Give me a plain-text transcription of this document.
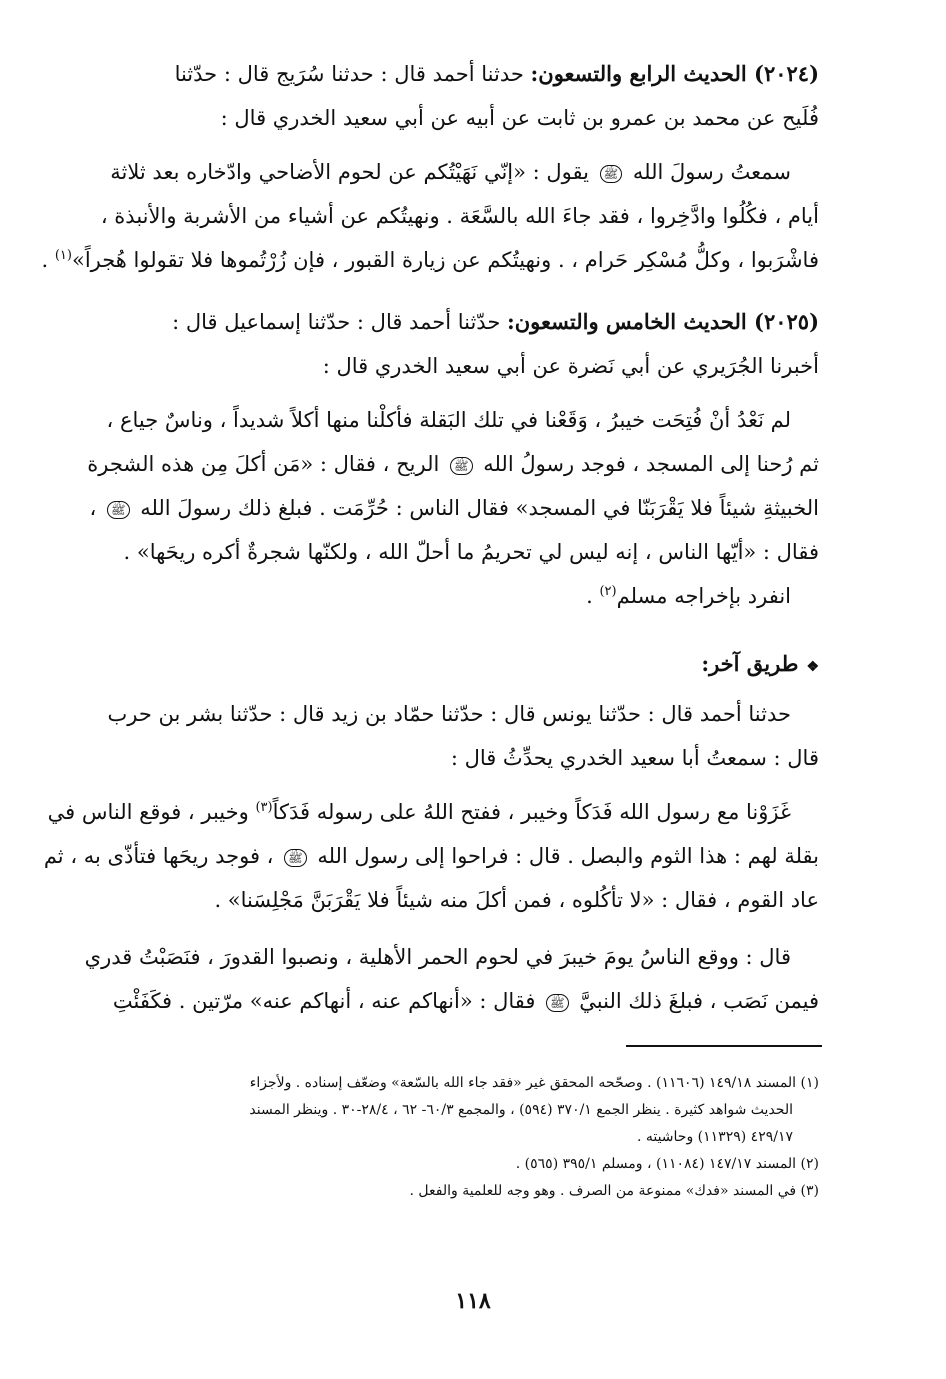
(٢٠٢٤) الحديث الرابع والتسعون: حدثنا أحمد قال : حدثنا سُرَيج قال : حدّثنا
فُلَيح عن محمد بن عمرو بن ثابت عن أبيه عن أبي سعيد الخدري قال :
سمعتُ رسولَ الله ﷺ يقول : «إنّي نَهَيْتُكم عن لحوم الأضاحي وادّخاره بعد ثلاثة
أيام ، فكُلُوا وادَّخِروا ، فقد جاءَ الله بالسَّعَة . ونهيتُكم عن أشياء من الأشربة والأنبذة ،
فاشْرَبوا ، وكلُّ مُسْكِر حَرام ، . ونهيتُكم عن زيارة القبور ، فإن زُرْتُموها فلا تقولوا هُجراً»$^{(١)}$ .
(٢٠٢٥) الحديث الخامس والتسعون: حدّثنا أحمد قال : حدّثنا إسماعيل قال :
أخبرنا الجُرَيري عن أبي نَضرة عن أبي سعيد الخدري قال :
لم نَعْدُ أنْ فُتِحَت خيبرُ ، وَقَعْنا في تلك البَقلة فأكلْنا منها أكلاً شديداً ، وناسٌ جياع ،
ثم رُحنا إلى المسجد ، فوجد رسولُ الله ﷺ الريح ، فقال : «مَن أكلَ مِن هذه الشجرة
الخبيثةِ شيئاً فلا يَقْرَبَنّا في المسجد» فقال الناس : حُرِّمَت . فبلغ ذلك رسولَ الله ﷺ ،
فقال : «أيّها الناس ، إنه ليس لي تحريمُ ما أحلّ الله ، ولكنّها شجرةٌ أكره ريحَها» .
انفرد بإخراجه مسلم$^{(٢)}$ .
❖طريق آخر:
حدثنا أحمد قال : حدّثنا يونس قال : حدّثنا حمّاد بن زيد قال : حدّثنا بشر بن حرب
قال : سمعتُ أبا سعيد الخدري يحدِّثُ قال :
غَزَوْنا مع رسول الله فَدَكاً وخيبر ، ففتح اللهُ على رسوله فَدَكاً$^{(٣)}$ وخيبر ، فوقع الناس في
بقلة لهم : هذا الثوم والبصل . قال : فراحوا إلى رسول الله ﷺ ، فوجد ريحَها فتأذّى به ، ثم
عاد القوم ، فقال : «لا تأكُلوه ، فمن أكلَ منه شيئاً فلا يَقْرَبَنَّ مَجْلِسَنا» .
قال : ووقع الناسُ يومَ خيبرَ في لحوم الحمر الأهلية ، ونصبوا القدورَ ، فنَصَبْتُ قدري
فيمن نَصَب ، فبلغَ ذلك النبيَّ ﷺ فقال : «أنهاكم عنه ، أنهاكم عنه» مرّتين . فكَفَئْتِ
(١) المسند ١٤٩/١٨ (١١٦٠٦) . وصحّحه المحقق غير «فقد جاء الله بالسّعة» وضعّف إسناده . ولأجزاء
الحديث شواهد كثيرة . ينظر الجمع ٣٧٠/١ (٥٩٤) ، والمجمع ٦٠/٣- ٦٢ ، ٢٨/٤-٣٠ . وينظر المسند
٤٢٩/١٧ (١١٣٢٩) وحاشيته .
(٢) المسند ١٤٧/١٧ (١١٠٨٤) ، ومسلم ٣٩٥/١ (٥٦٥) .
(٣) في المسند «فدك» ممنوعة من الصرف . وهو وجه للعلمية والفعل .
١١٨
